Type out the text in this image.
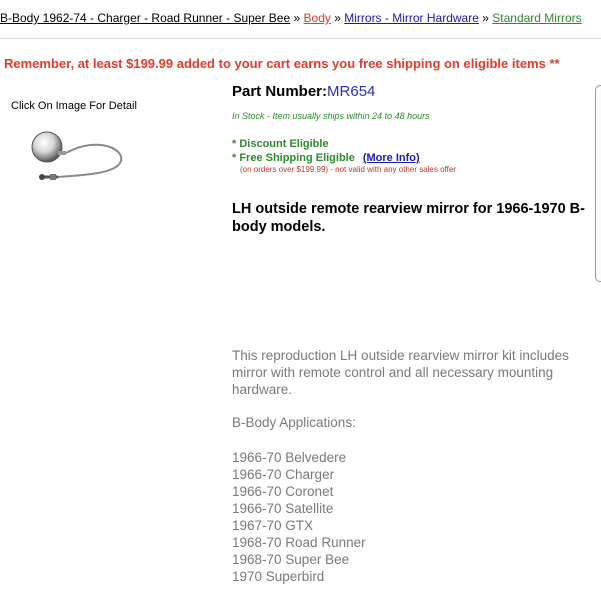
B-Body 1962-74 - Charger - Road Runner - Super Bee » Body » Mirrors - Mirror Hardware » Standard Mirrors
Remember, at least $199.99 added to your cart earns you free shipping on eligible items **
Click On Image For Detail
Part Number:MR654
In Stock - Item usually ships within 24 to 48 hours
* Discount Eligible
* Free Shipping Eligible (More Info)
(on orders over $199.99) - not valid with any other sales offer
LH outside remote rearview mirror for 1966-1970 B-body models.

This reproduction LH outside rearview mirror kit includes mirror with remote control and all necessary mounting hardware.

B-Body Applications:
1966-70 Belvedere
1966-70 Charger
1966-70 Coronet
1966-70 Satellite
1967-70 GTX
1968-70 Road Runner
1968-70 Super Bee
1970 Superbird
